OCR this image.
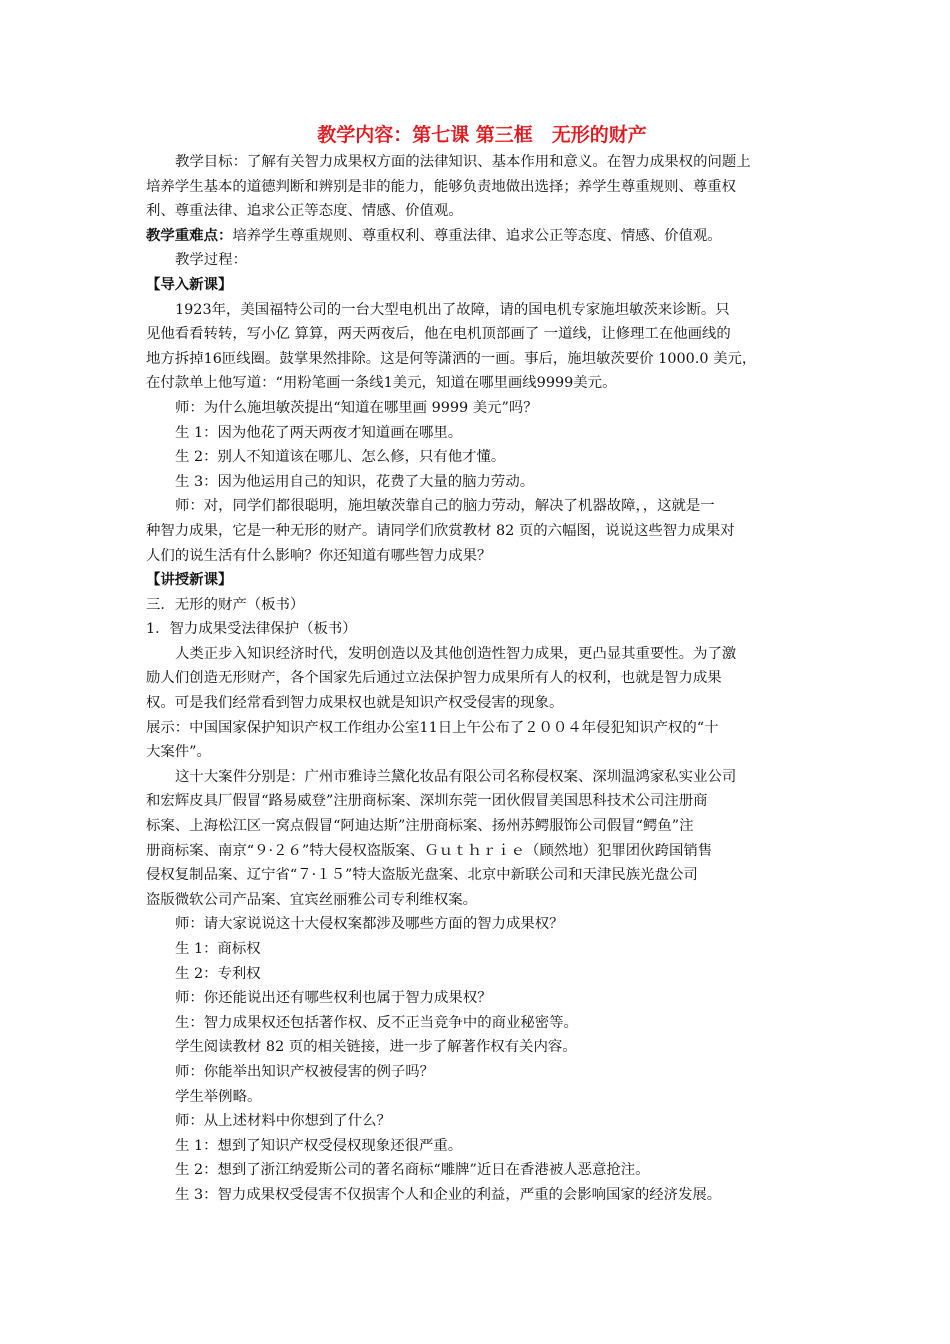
教学内容：第七课 第三框　无形的财产

教学目标：了解有关智力成果权方面的法律知识、基本作用和意义。在智力成果权的问题上

培养学生基本的道德判断和辨别是非的能力，能够负责地做出选择；养学生尊重规则、尊重权

利、尊重法律、追求公正等态度、情感、价值观。

教学重难点：培养学生尊重规则、尊重权利、尊重法律、追求公正等态度、情感、价值观。

教学过程：

【导入新课】

1923年，美国福特公司的一台大型电机出了故障，请的国电机专家施坦敏茨来诊断。只

见他看看转转，写小亿 算算，两天两夜后，他在电机顶部画了 一道线，让修理工在他画线的

地方拆掉16匝线圈。鼓掌果然排除。这是何等潇洒的一画。事后，施坦敏茨要价 1000.0 美元，

在付款单上他写道：“用粉笔画一条线1美元，知道在哪里画线9999美元。

师：为什么施坦敏茨提出“知道在哪里画 9999 美元”吗？

生 1：因为他花了两天两夜才知道画在哪里。

生 2：别人不知道该在哪儿、怎么修，只有他才懂。

生 3：因为他运用自己的知识，花费了大量的脑力劳动。

师：对，同学们都很聪明，施坦敏茨靠自己的脑力劳动，解决了机器故障，，这就是一

种智力成果，它是一种无形的财产。请同学们欣赏教材 82 页的六幅图，说说这些智力成果对

人们的说生活有什么影响？你还知道有哪些智力成果？

【讲授新课】

三．无形的财产（板书）

1．智力成果受法律保护（板书）

人类正步入知识经济时代，发明创造以及其他创造性智力成果，更凸显其重要性。为了激

励人们创造无形财产，各个国家先后通过立法保护智力成果所有人的权利，也就是智力成果

权。可是我们经常看到智力成果权也就是知识产权受侵害的现象。

展示：中国国家保护知识产权工作组办公室11日上午公布了２００４年侵犯知识产权的“十

大案件”。

这十大案件分别是：广州市雅诗兰黛化妆品有限公司名称侵权案、深圳温鸿家私实业公司

和宏辉皮具厂假冒“路易威登”注册商标案、深圳东莞一团伙假冒美国思科技术公司注册商

标案、上海松江区一窝点假冒“阿迪达斯”注册商标案、扬州苏鳄服饰公司假冒“鳄鱼”注

册商标案、南京“９·２６”特大侵权盗版案、Ｇｕｔｈｒｉｅ（顾然地）犯罪团伙跨国销售

侵权复制品案、辽宁省“７·１５”特大盗版光盘案、北京中新联公司和天津民族光盘公司

盗版微软公司产品案、宜宾丝丽雅公司专利维权案。

师：请大家说说这十大侵权案都涉及哪些方面的智力成果权？

生 1：商标权

生 2：专利权

师：你还能说出还有哪些权利也属于智力成果权？

生：智力成果权还包括著作权、反不正当竞争中的商业秘密等。

学生阅读教材 82 页的相关链接，进一步了解著作权有关内容。

师：你能举出知识产权被侵害的例子吗？

学生举例略。

师：从上述材料中你想到了什么？

生 1：想到了知识产权受侵权现象还很严重。

生 2：想到了浙江纳爱斯公司的著名商标“雕牌”近日在香港被人恶意抢注。

生 3：智力成果权受侵害不仅损害个人和企业的利益，严重的会影响国家的经济发展。
